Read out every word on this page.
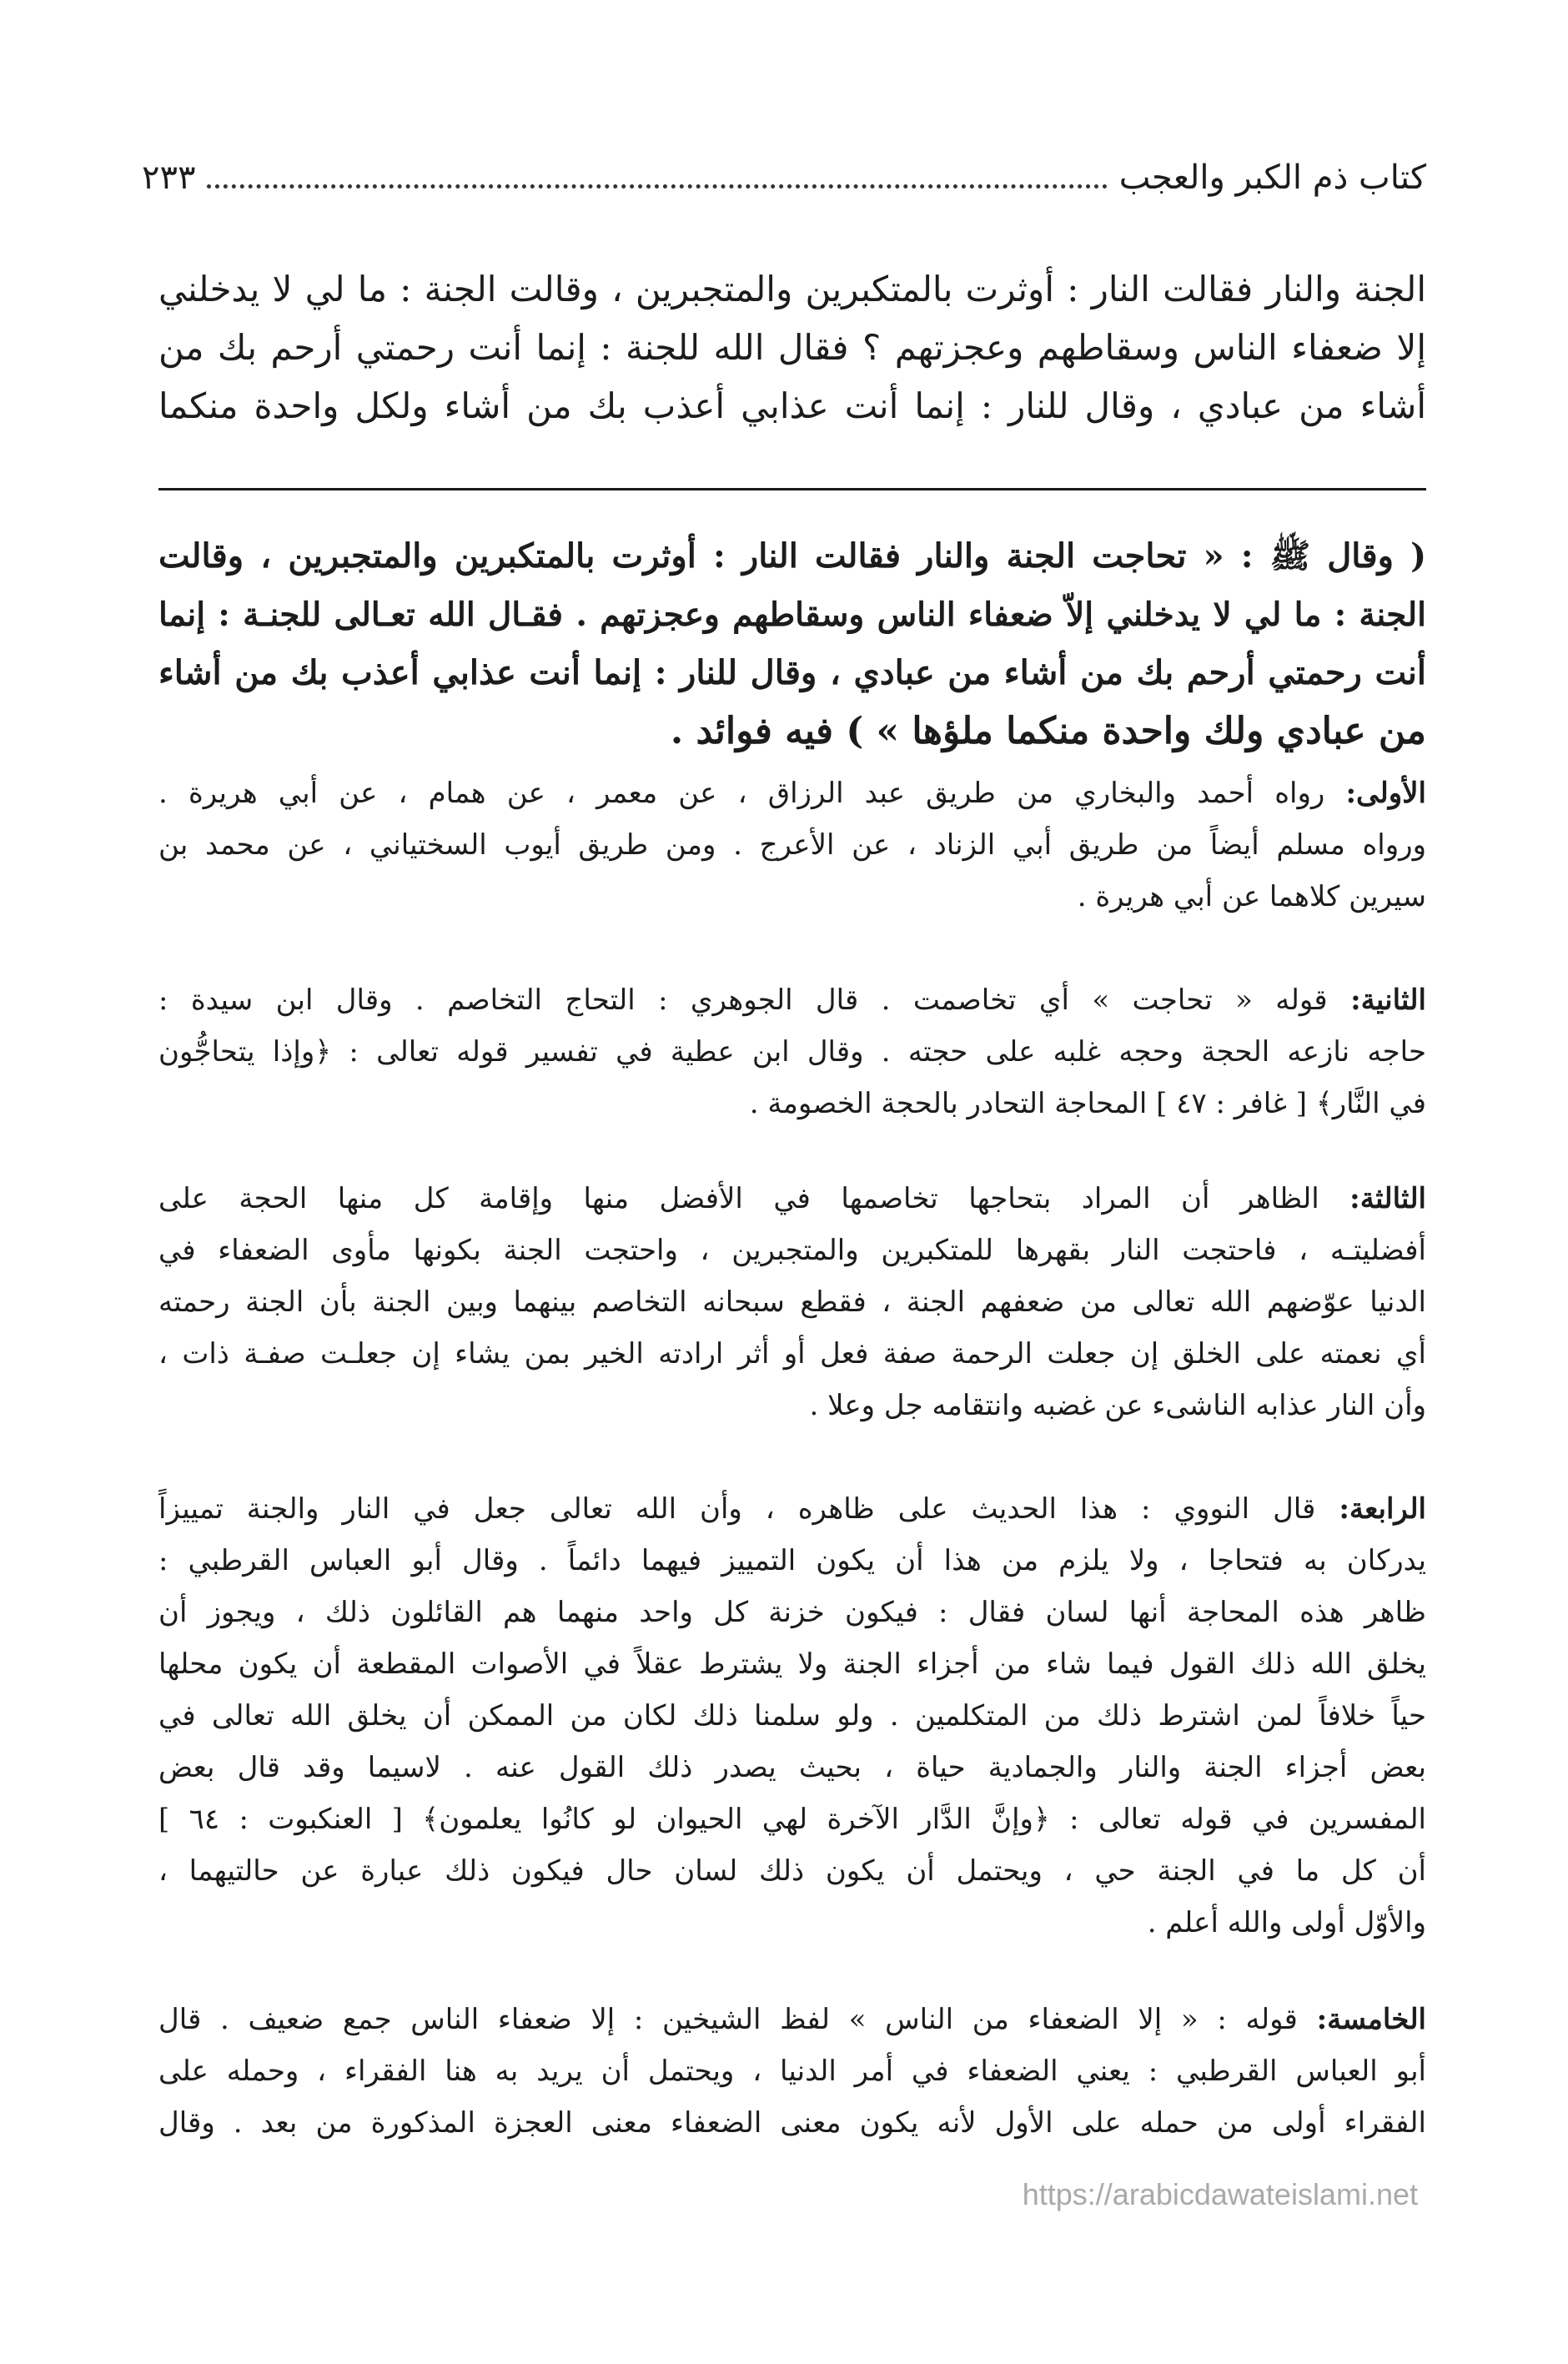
كتاب ذم الكبر والعجب
٢٣٣
الجنة والنار فقالت النار : أوثرت بالمتكبرين والمتجبرين ، وقالت الجنة : ما لي لا يدخلني
إلا ضعفاء الناس وسقاطهم وعجزتهم ؟ فقال الله للجنة : إنما أنت رحمتي أرحم بك من
أشاء من عبادي ، وقال للنار : إنما أنت عذابي أعذب بك من أشاء ولكل واحدة منكما
( وقال ﷺ : « تحاجت الجنة والنار فقالت النار : أوثرت بالمتكبرين والمتجبرين ، وقالت
الجنة : ما لي لا يدخلني إلاّ ضعفاء الناس وسقاطهم وعجزتهم . فقـال الله تعـالى للجنـة : إنما
أنت رحمتي أرحم بك من أشاء من عبادي ، وقال للنار : إنما أنت عذابي أعذب بك من أشاء
من عبادي ولك واحدة منكما ملؤها » ) فيه فوائد .
الأولى: رواه أحمد والبخاري من طريق عبد الرزاق ، عن معمر ، عن همام ، عن أبي هريرة .
ورواه مسلم أيضاً من طريق أبي الزناد ، عن الأعرج . ومن طريق أيوب السختياني ، عن محمد بن
سيرين كلاهما عن أبي هريرة .
الثانية: قوله « تحاجت » أي تخاصمت . قال الجوهري : التحاج التخاصم . وقال ابن سيدة :
حاجه نازعه الحجة وحجه غلبه على حجته . وقال ابن عطية في تفسير قوله تعالى : ﴿وإذا يتحاجُّون
في النَّار﴾ [ غافر : ٤٧ ] المحاجة التحادر بالحجة الخصومة .
الثالثة: الظاهر أن المراد بتحاجها تخاصمها في الأفضل منها وإقامة كل منها الحجة على
أفضليتـه ، فاحتجت النار بقهرها للمتكبرين والمتجبرين ، واحتجت الجنة بكونها مأوى الضعفاء في
الدنيا عوّضهم الله تعالى من ضعفهم الجنة ، فقطع سبحانه التخاصم بينهما وبين الجنة بأن الجنة رحمته
أي نعمته على الخلق إن جعلت الرحمة صفة فعل أو أثر ارادته الخير بمن يشاء إن جعلـت صفـة ذات ،
وأن النار عذابه الناشىء عن غضبه وانتقامه جل وعلا .
الرابعة: قال النووي : هذا الحديث على ظاهره ، وأن الله تعالى جعل في النار والجنة تمييزاً
يدركان به فتحاجا ، ولا يلزم من هذا أن يكون التمييز فيهما دائماً . وقال أبو العباس القرطبي :
ظاهر هذه المحاجة أنها لسان فقال : فيكون خزنة كل واحد منهما هم القائلون ذلك ، ويجوز أن
يخلق الله ذلك القول فيما شاء من أجزاء الجنة ولا يشترط عقلاً في الأصوات المقطعة أن يكون محلها
حياً خلافاً لمن اشترط ذلك من المتكلمين . ولو سلمنا ذلك لكان من الممكن أن يخلق الله تعالى في
بعض أجزاء الجنة والنار والجمادية حياة ، بحيث يصدر ذلك القول عنه . لاسيما وقد قال بعض
المفسرين في قوله تعالى : ﴿وإنَّ الدَّار الآخرة لهي الحيوان لو كانُوا يعلمون﴾ [ العنكبوت : ٦٤ ]
أن كل ما في الجنة حي ، ويحتمل أن يكون ذلك لسان حال فيكون ذلك عبارة عن حالتيهما ،
والأوّل أولى والله أعلم .
الخامسة: قوله : « إلا الضعفاء من الناس » لفظ الشيخين : إلا ضعفاء الناس جمع ضعيف . قال
أبو العباس القرطبي : يعني الضعفاء في أمر الدنيا ، ويحتمل أن يريد به هنا الفقراء ، وحمله على
الفقراء أولى من حمله على الأول لأنه يكون معنى الضعفاء معنى العجزة المذكورة من بعد . وقال
https://arabicdawateislami.net
